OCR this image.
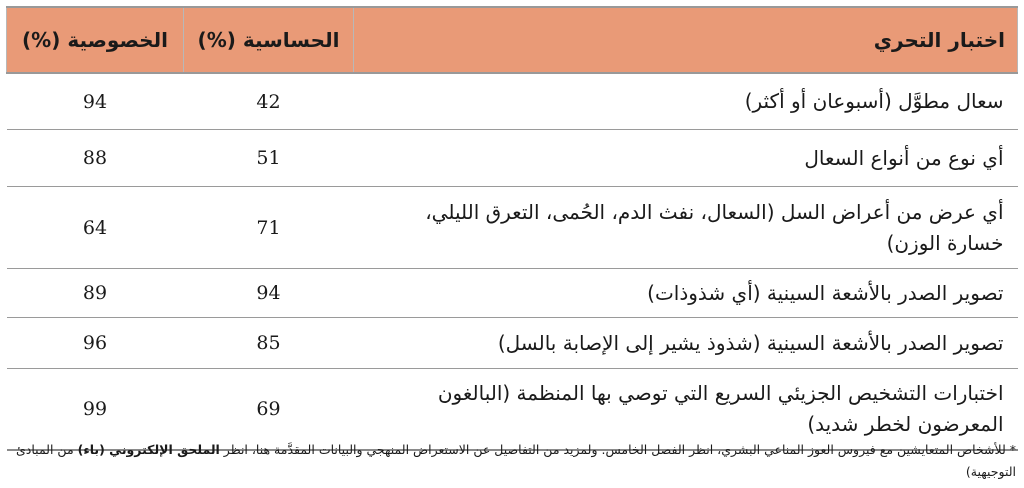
اختبار التحري	الحساسية (%)	الخصوصية (%)
سعال مطوَّل (أسبوعان أو أكثر)	42	94
أي نوع من أنواع السعال	51	88
أي عرض من أعراض السل (السعال، نفث الدم، الحُمى، التعرق الليلي، خسارة الوزن)	71	64
تصوير الصدر بالأشعة السينية (أي شذوذات)	94	89
تصوير الصدر بالأشعة السينية (شذوذ يشير إلى الإصابة بالسل)	85	96
اختبارات التشخيص الجزيئي السريع التي توصي بها المنظمة (البالغون المعرضون لخطر شديد)	69	99
* للأشخاص المتعايشين مع فيروس العوز المناعي البشري، انظر الفصل الخامس. ولمزيد من التفاصيل عن الاستعراض المنهجي والبيانات المقدَّمة هنا، انظر الملحق الإلكتروني (باء) من المبادئ التوجيهية)
